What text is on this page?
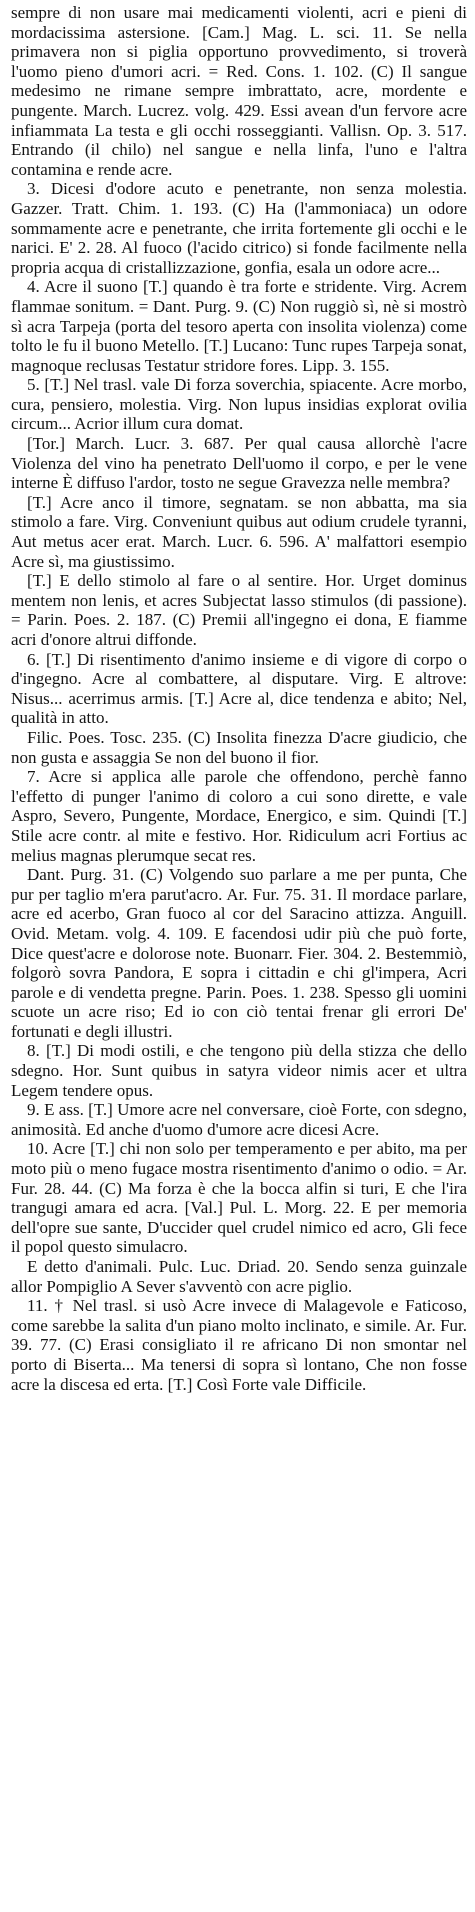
sempre di non usare mai medicamenti violenti, acri e pieni di mordacissima astersione. [Cam.] Mag. L. sci. 11. Se nella primavera non si piglia opportuno provvedimento, si troverà l'uomo pieno d'umori acri. = Red. Cons. 1. 102. (C) Il sangue medesimo ne rimane sempre imbrattato, acre, mordente e pungente. March. Lucrez. volg. 429. Essi avean d'un fervore acre infiammata La testa e gli occhi rosseggianti. Vallisn. Op. 3. 517. Entrando (il chilo) nel sangue e nella linfa, l'uno e l'altra contamina e rende acre.

3. Dicesi d'odore acuto e penetrante, non senza molestia. Gazzer. Tratt. Chim. 1. 193. (C) Ha (l'ammoniaca) un odore sommamente acre e penetrante, che irrita fortemente gli occhi e le narici. E' 2. 28. Al fuoco (l'acido citrico) si fonde facilmente nella propria acqua di cristallizzazione, gonfia, esala un odore acre...

4. Acre il suono [T.] quando è tra forte e stridente. Virg. Acrem flammae sonitum. = Dant. Purg. 9. (C) Non ruggiò sì, nè si mostrò sì acra Tarpeja (porta del tesoro aperta con insolita violenza) come tolto le fu il buono Metello. [T.] Lucano: Tunc rupes Tarpeja sonat, magnoque reclusas Testatur stridore fores. Lipp. 3. 155.

5. [T.] Nel trasl. vale Di forza soverchia, spiacente. Acre morbo, cura, pensiero, molestia. Virg. Non lupus insidias explorat ovilia circum... Acrior illum cura domat.

[Tor.] March. Lucr. 3. 687. Per qual causa allorchè l'acre Violenza del vino ha penetrato Dell'uomo il corpo, e per le vene interne È diffuso l'ardor, tosto ne segue Gravezza nelle membra?

[T.] Acre anco il timore, segnatam. se non abbatta, ma sia stimolo a fare. Virg. Conveniunt quibus aut odium crudele tyranni, Aut metus acer erat. March. Lucr. 6. 596. A' malfattori esempio Acre sì, ma giustissimo.

[T.] E dello stimolo al fare o al sentire. Hor. Urget dominus mentem non lenis, et acres Subjectat lasso stimulos (di passione). = Parin. Poes. 2. 187. (C) Premii all'ingegno ei dona, E fiamme acri d'onore altrui diffonde.

6. [T.] Di risentimento d'animo insieme e di vigore di corpo o d'ingegno. Acre al combattere, al disputare. Virg. E altrove: Nisus... acerrimus armis. [T.] Acre al, dice tendenza e abito; Nel, qualità in atto.

Filic. Poes. Tosc. 235. (C) Insolita finezza D'acre giudicio, che non gusta e assaggia Se non del buono il fior.

7. Acre si applica alle parole che offendono, perchè fanno l'effetto di punger l'animo di coloro a cui sono dirette, e vale Aspro, Severo, Pungente, Mordace, Energico, e sim. Quindi [T.] Stile acre contr. al mite e festivo. Hor. Ridiculum acri Fortius ac melius magnas plerumque secat res.

Dant. Purg. 31. (C) Volgendo suo parlare a me per punta, Che pur per taglio m'era parut'acro. Ar. Fur. 75. 31. Il mordace parlare, acre ed acerbo, Gran fuoco al cor del Saracino attizza. Anguill. Ovid. Metam. volg. 4. 109. E facendosi udir più che può forte, Dice quest'acre e dolorose note. Buonarr. Fier. 304. 2. Bestemmiò, folgorò sovra Pandora, E sopra i cittadin e chi gl'impera, Acri parole e di vendetta pregne. Parin. Poes. 1. 238. Spesso gli uomini scuote un acre riso; Ed io con ciò tentai frenar gli errori De' fortunati e degli illustri.

8. [T.] Di modi ostili, e che tengono più della stizza che dello sdegno. Hor. Sunt quibus in satyra videor nimis acer et ultra Legem tendere opus.

9. E ass. [T.] Umore acre nel conversare, cioè Forte, con sdegno, animosità. Ed anche d'uomo d'umore acre dicesi Acre.

10. Acre [T.] chi non solo per temperamento e per abito, ma per moto più o meno fugace mostra risentimento d'animo o odio. = Ar. Fur. 28. 44. (C) Ma forza è che la bocca alfin si turi, E che l'ira trangugi amara ed acra. [Val.] Pul. L. Morg. 22. E per memoria dell'opre sue sante, D'uccider quel crudel nimico ed acro, Gli fece il popol questo simulacro.

E detto d'animali. Pulc. Luc. Driad. 20. Sendo senza guinzale allor Pompiglio A Sever s'avventò con acre piglio.

11. † Nel trasl. si usò Acre invece di Malagevole e Faticoso, come sarebbe la salita d'un piano molto inclinato, e simile. Ar. Fur. 39. 77. (C) Erasi consigliato il re africano Di non smontar nel porto di Biserta... Ma tenersi di sopra sì lontano, Che non fosse acre la discesa ed erta. [T.] Così Forte vale Difficile.
